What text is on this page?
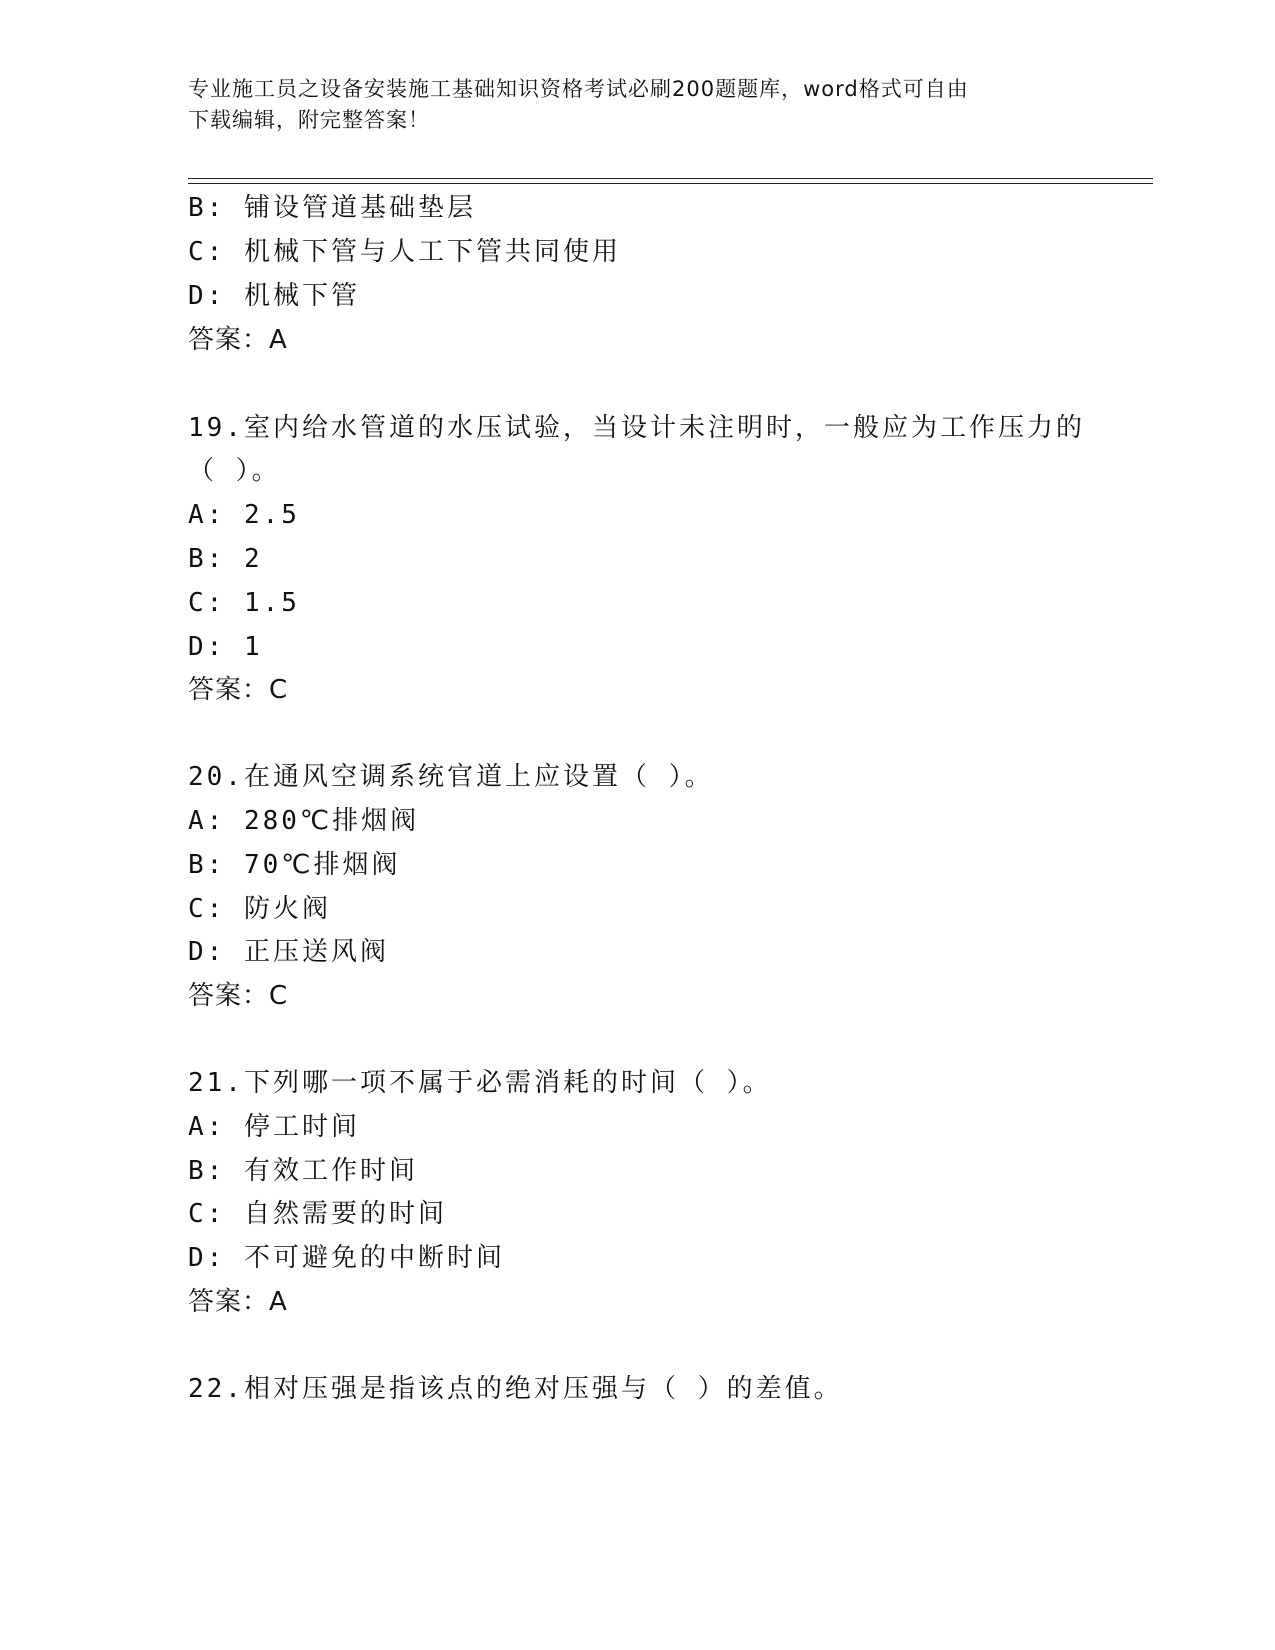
专业施工员之设备安装施工基础知识资格考试必刷200题题库，word格式可自由
下载编辑，附完整答案！
B: 铺设管道基础垫层
C: 机械下管与人工下管共同使用
D: 机械下管
答案：A
19.室内给水管道的水压试验，当设计未注明时，一般应为工作压力的
（ ）。
A: 2.5
B: 2
C: 1.5
D: 1
答案：C
20.在通风空调系统官道上应设置（ ）。
A: 280℃排烟阀
B: 70℃排烟阀
C: 防火阀
D: 正压送风阀
答案：C
21.下列哪一项不属于必需消耗的时间（ ）。
A: 停工时间
B: 有效工作时间
C: 自然需要的时间
D: 不可避免的中断时间
答案：A
22.相对压强是指该点的绝对压强与（ ）的差值。
